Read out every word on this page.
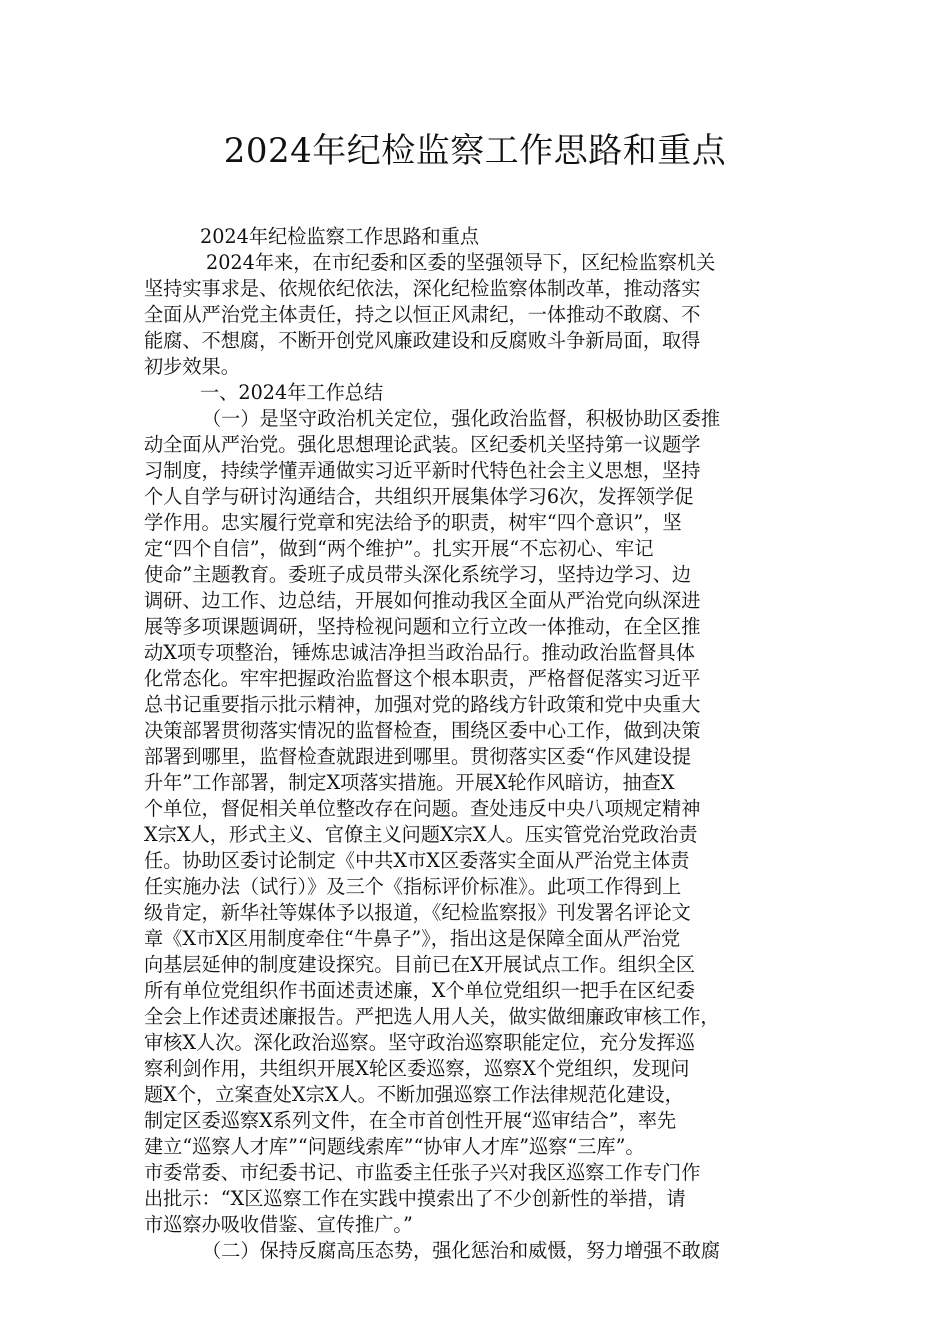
2024年纪检监察工作思路和重点
2024年纪检监察工作思路和重点
2024年来，在市纪委和区委的坚强领导下，区纪检监察机关
坚持实事求是、依规依纪依法，深化纪检监察体制改革，推动落实
全面从严治党主体责任，持之以恒正风肃纪，一体推动不敢腐、不
能腐、不想腐，不断开创党风廉政建设和反腐败斗争新局面，取得
初步效果。
一、2024年工作总结
（一）是坚守政治机关定位，强化政治监督，积极协助区委推
动全面从严治党。强化思想理论武装。区纪委机关坚持第一议题学
习制度，持续学懂弄通做实习近平新时代特色社会主义思想，坚持
个人自学与研讨沟通结合，共组织开展集体学习6次，发挥领学促
学作用。忠实履行党章和宪法给予的职责，树牢“四个意识”，坚
定“四个自信”，做到“两个维护”。扎实开展“不忘初心、牢记
使命”主题教育。委班子成员带头深化系统学习，坚持边学习、边
调研、边工作、边总结，开展如何推动我区全面从严治党向纵深进
展等多项课题调研，坚持检视问题和立行立改一体推动，在全区推
动X项专项整治，锤炼忠诚洁净担当政治品行。推动政治监督具体
化常态化。牢牢把握政治监督这个根本职责，严格督促落实习近平
总书记重要指示批示精神，加强对党的路线方针政策和党中央重大
决策部署贯彻落实情况的监督检查，围绕区委中心工作，做到决策
部署到哪里，监督检查就跟进到哪里。贯彻落实区委“作风建设提
升年”工作部署，制定X项落实措施。开展X轮作风暗访，抽查X
个单位，督促相关单位整改存在问题。查处违反中央八项规定精神
X宗X人，形式主义、官僚主义问题X宗X人。压实管党治党政治责
任。协助区委讨论制定《中共X市X区委落实全面从严治党主体责
任实施办法（试行）》及三个《指标评价标准》。此项工作得到上
级肯定，新华社等媒体予以报道，《纪检监察报》刊发署名评论文
章《X市X区用制度牵住“牛鼻子”》，指出这是保障全面从严治党
向基层延伸的制度建设探究。目前已在X开展试点工作。组织全区
所有单位党组织作书面述责述廉，X个单位党组织一把手在区纪委
全会上作述责述廉报告。严把选人用人关，做实做细廉政审核工作，
审核X人次。深化政治巡察。坚守政治巡察职能定位，充分发挥巡
察利剑作用，共组织开展X轮区委巡察，巡察X个党组织，发现问
题X个，立案查处X宗X人。不断加强巡察工作法律规范化建设，
制定区委巡察X系列文件，在全市首创性开展“巡审结合”，率先
建立“巡察人才库”“问题线索库”“协审人才库”巡察“三库”。
市委常委、市纪委书记、市监委主任张子兴对我区巡察工作专门作
出批示：“X区巡察工作在实践中摸索出了不少创新性的举措，请
市巡察办吸收借鉴、宣传推广。”
（二）保持反腐高压态势，强化惩治和威慑，努力增强不敢腐
